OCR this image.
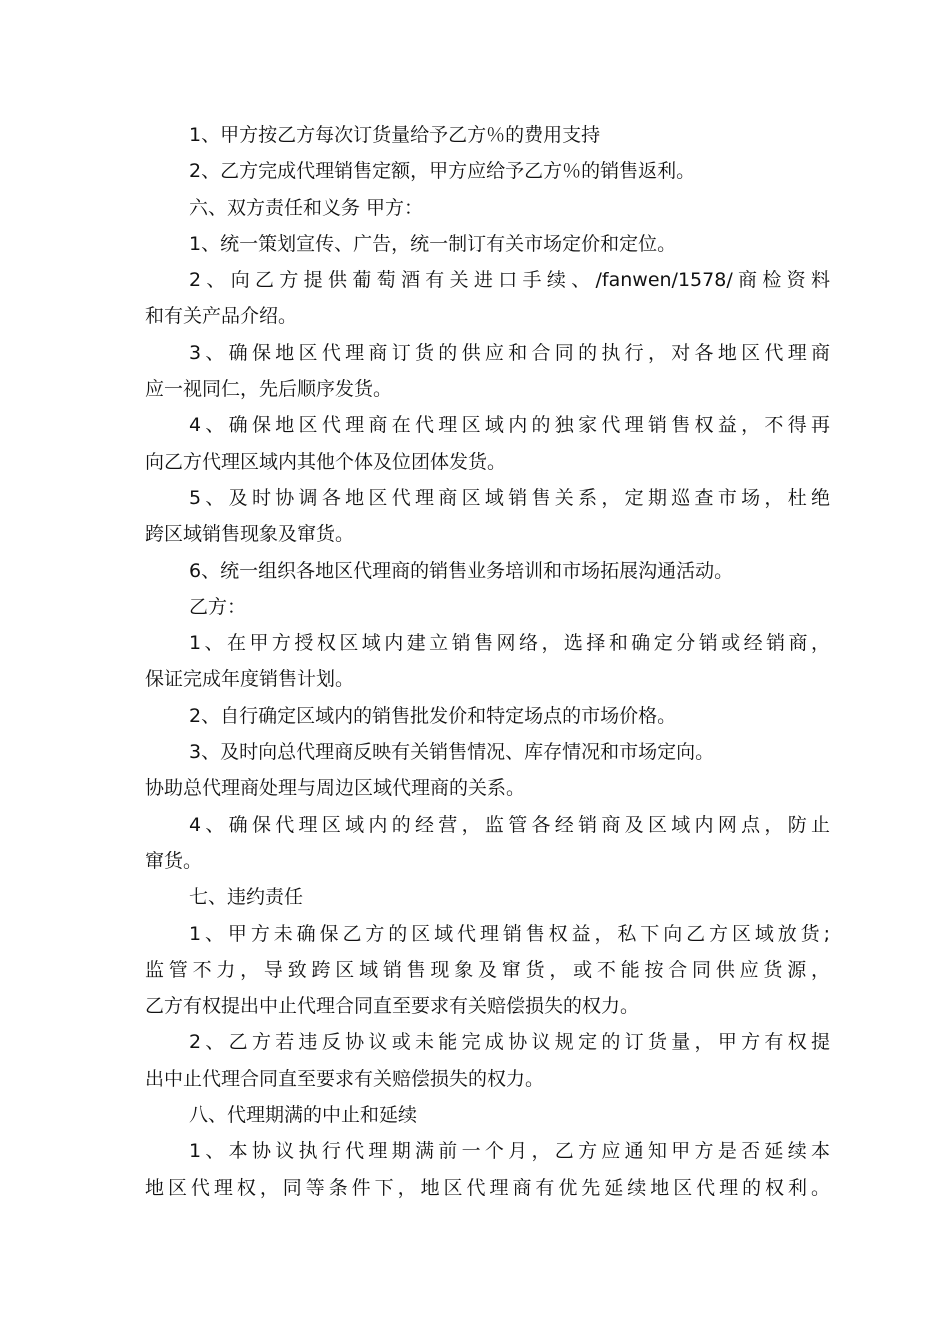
1、甲方按乙方每次订货量给予乙方％的费用支持

2、乙方完成代理销售定额，甲方应给予乙方％的销售返利。

六、双方责任和义务 甲方：

1、统一策划宣传、广告，统一制订有关市场定价和定位。

2、向乙方提供葡萄酒有关进口手续、/fanwen/1578/商检资料

和有关产品介绍。

3、确保地区代理商订货的供应和合同的执行，对各地区代理商

应一视同仁，先后顺序发货。

4、确保地区代理商在代理区域内的独家代理销售权益，不得再

向乙方代理区域内其他个体及位团体发货。

5、及时协调各地区代理商区域销售关系，定期巡查市场，杜绝

跨区域销售现象及窜货。

6、统一组织各地区代理商的销售业务培训和市场拓展沟通活动。

乙方：

1、在甲方授权区域内建立销售网络，选择和确定分销或经销商，

保证完成年度销售计划。

2、自行确定区域内的销售批发价和特定场点的市场价格。

3、及时向总代理商反映有关销售情况、库存情况和市场定向。

协助总代理商处理与周边区域代理商的关系。

4、确保代理区域内的经营，监管各经销商及区域内网点，防止

窜货。

七、违约责任

1、甲方未确保乙方的区域代理销售权益，私下向乙方区域放货;

监管不力，导致跨区域销售现象及窜货，或不能按合同供应货源，

乙方有权提出中止代理合同直至要求有关赔偿损失的权力。

2、乙方若违反协议或未能完成协议规定的订货量，甲方有权提

出中止代理合同直至要求有关赔偿损失的权力。

八、代理期满的中止和延续

1、本协议执行代理期满前一个月，乙方应通知甲方是否延续本

地区代理权，同等条件下，地区代理商有优先延续地区代理的权利。
